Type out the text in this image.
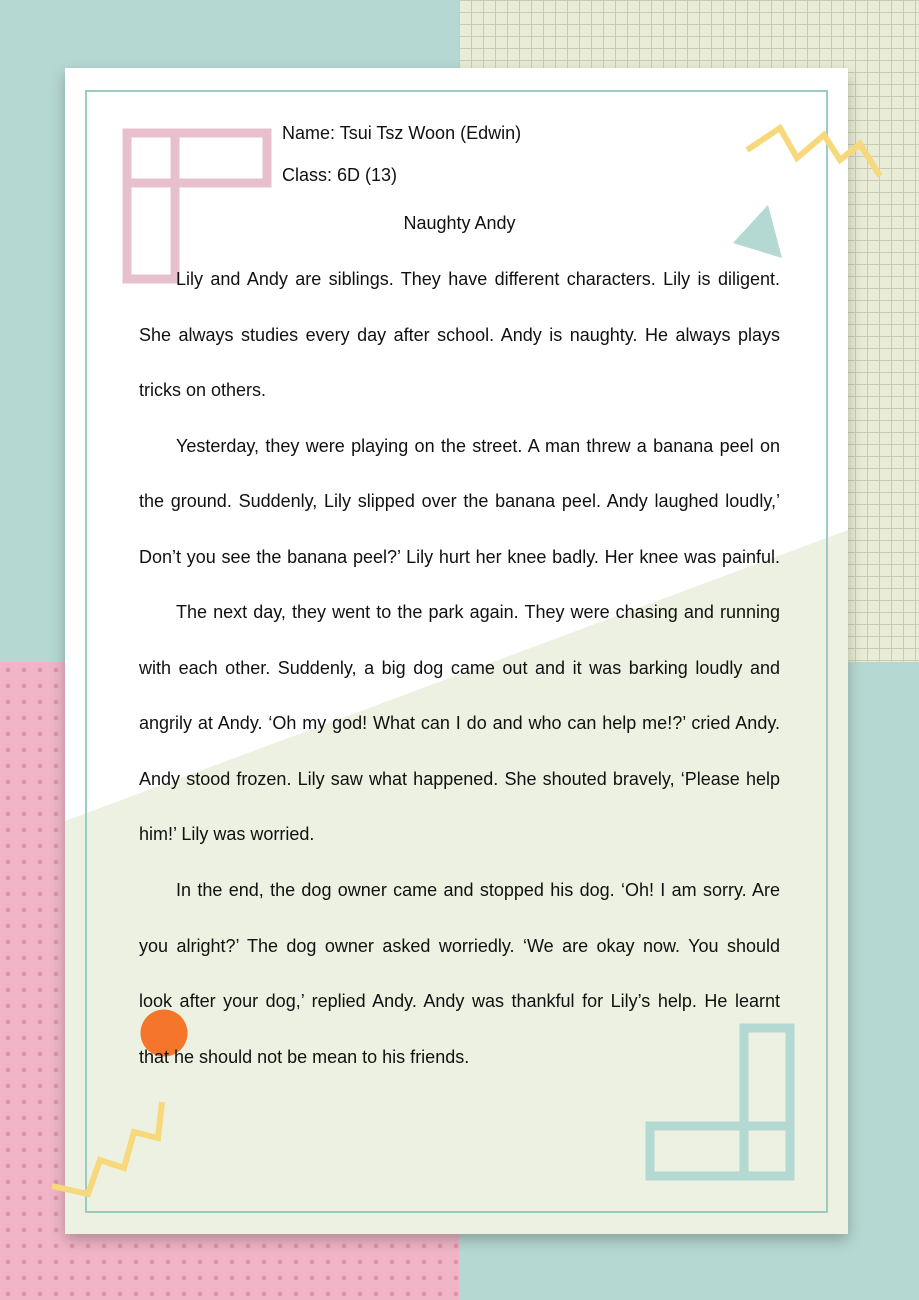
Name: Tsui Tsz Woon (Edwin)
Class: 6D (13)
Naughty Andy
Lily and Andy are siblings. They have different characters. Lily is diligent.
She always studies every day after school. Andy is naughty. He always plays
tricks on others.
Yesterday, they were playing on the street. A man threw a banana peel on
the ground. Suddenly, Lily slipped over the banana peel. Andy laughed loudly,’
Don’t you see the banana peel?’ Lily hurt her knee badly. Her knee was painful.
The next day, they went to the park again. They were chasing and running
with each other. Suddenly, a big dog came out and it was barking loudly and
angrily at Andy. ‘Oh my god! What can I do and who can help me!?’ cried Andy.
Andy stood frozen. Lily saw what happened. She shouted bravely, ‘Please help
him!’ Lily was worried.
In the end, the dog owner came and stopped his dog. ‘Oh! I am sorry. Are
you alright?’ The dog owner asked worriedly. ‘We are okay now. You should
look after your dog,’ replied Andy. Andy was thankful for Lily’s help. He learnt
that he should not be mean to his friends.
